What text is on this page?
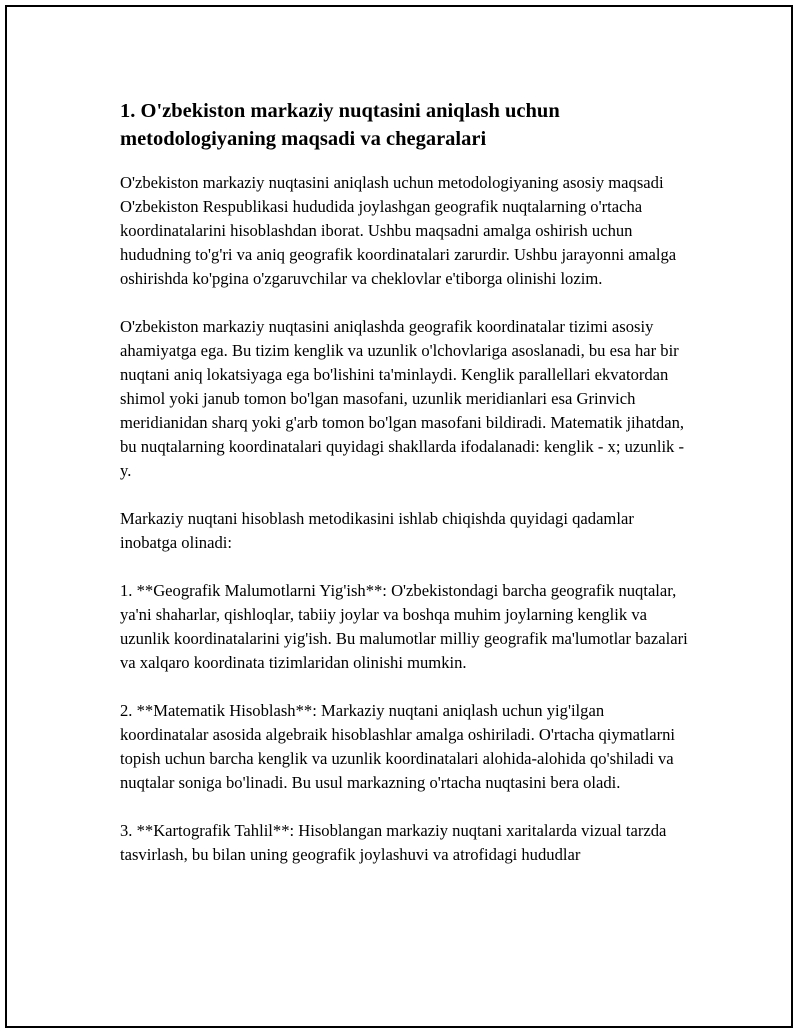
1. O'zbekiston markaziy nuqtasini aniqlash uchun metodologiyaning maqsadi va chegaralari

O'zbekiston markaziy nuqtasini aniqlash uchun metodologiyaning asosiy maqsadi O'zbekiston Respublikasi hududida joylashgan geografik nuqtalarning o'rtacha koordinatalarini hisoblashdan iborat. Ushbu maqsadni amalga oshirish uchun hududning to'g'ri va aniq geografik koordinatalari zarurdir. Ushbu jarayonni amalga oshirishda ko'pgina o'zgaruvchilar va cheklovlar e'tiborga olinishi lozim.

O'zbekiston markaziy nuqtasini aniqlashda geografik koordinatalar tizimi asosiy ahamiyatga ega. Bu tizim kenglik va uzunlik o'lchovlariga asoslanadi, bu esa har bir nuqtani aniq lokatsiyaga ega bo'lishini ta'minlaydi. Kenglik parallellari ekvatordan shimol yoki janub tomon bo'lgan masofani, uzunlik meridianlari esa Grinvich meridianidan sharq yoki g'arb tomon bo'lgan masofani bildiradi. Matematik jihatdan, bu nuqtalarning koordinatalari quyidagi shakllarda ifodalanadi: kenglik - x; uzunlik - y.

Markaziy nuqtani hisoblash metodikasini ishlab chiqishda quyidagi qadamlar inobatga olinadi:

1. **Geografik Malumotlarni Yig'ish**: O'zbekistondagi barcha geografik nuqtalar, ya'ni shaharlar, qishloqlar, tabiiy joylar va boshqa muhim joylarning kenglik va uzunlik koordinatalarini yig'ish. Bu malumotlar milliy geografik ma'lumotlar bazalari va xalqaro koordinata tizimlaridan olinishi mumkin.

2. **Matematik Hisoblash**: Markaziy nuqtani aniqlash uchun yig'ilgan koordinatalar asosida algebraik hisoblashlar amalga oshiriladi. O'rtacha qiymatlarni topish uchun barcha kenglik va uzunlik koordinatalari alohida-alohida qo'shiladi va nuqtalar soniga bo'linadi. Bu usul markazning o'rtacha nuqtasini bera oladi.

3. **Kartografik Tahlil**: Hisoblangan markaziy nuqtani xaritalarda vizual tarzda tasvirlash, bu bilan uning geografik joylashuvi va atrofidagi hududlar
